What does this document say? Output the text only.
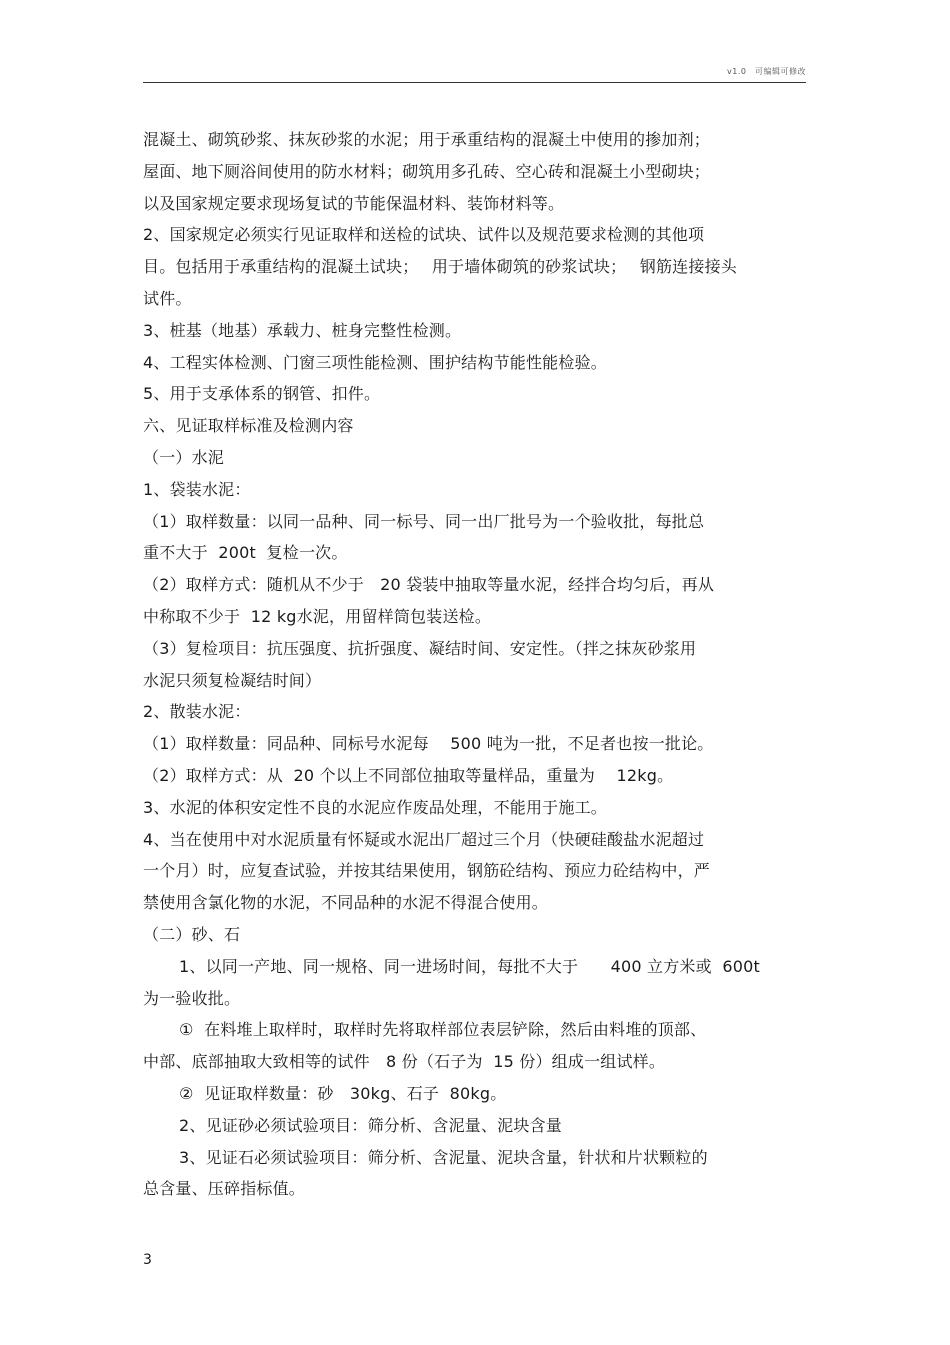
v1.0　可编辑可修改
混凝土、砌筑砂浆、抹灰砂浆的水泥；用于承重结构的混凝土中使用的掺加剂；
屋面、地下厕浴间使用的防水材料；砌筑用多孔砖、空心砖和混凝土小型砌块；
以及国家规定要求现场复试的节能保温材料、装饰材料等。
2、国家规定必须实行见证取样和送检的试块、试件以及规范要求检测的其他项
目。包括用于承重结构的混凝土试块；　 用于墙体砌筑的砂浆试块；　 钢筋连接接头
试件。
3、桩基（地基）承载力、桩身完整性检测。
4、工程实体检测、门窗三项性能检测、围护结构节能性能检验。
5、用于支承体系的钢管、扣件。
六、见证取样标准及检测内容
（一）水泥
1、袋装水泥：
（1）取样数量：以同一品种、同一标号、同一出厂批号为一个验收批，每批总
重不大于  200t  复检一次。
（2）取样方式：随机从不少于　20 袋装中抽取等量水泥，经拌合均匀后，再从
中称取不少于  12 kg水泥，用留样筒包装送检。
（3）复检项目：抗压强度、抗折强度、凝结时间、安定性。（拌之抹灰砂浆用
水泥只须复检凝结时间）
2、散装水泥：
（1）取样数量：同品种、同标号水泥每　 500 吨为一批，不足者也按一批论。
（2）取样方式：从  20 个以上不同部位抽取等量样品，重量为　 12kg。
3、水泥的体积安定性不良的水泥应作废品处理，不能用于施工。
4、当在使用中对水泥质量有怀疑或水泥出厂超过三个月（快硬硅酸盐水泥超过
一个月）时，应复查试验，并按其结果使用，钢筋砼结构、预应力砼结构中，严
禁使用含氯化物的水泥，不同品种的水泥不得混合使用。
（二）砂、石
1、以同一产地、同一规格、同一进场时间，每批不大于　　400 立方米或  600t
为一验收批。
①  在料堆上取样时，取样时先将取样部位表层铲除，然后由料堆的顶部、
中部、底部抽取大致相等的试件　8 份（石子为  15 份）组成一组试样。
②  见证取样数量：砂　30kg、石子  80kg。
2、见证砂必须试验项目：筛分析、含泥量、泥块含量
3、见证石必须试验项目：筛分析、含泥量、泥块含量，针状和片状颗粒的
总含量、压碎指标值。
3
